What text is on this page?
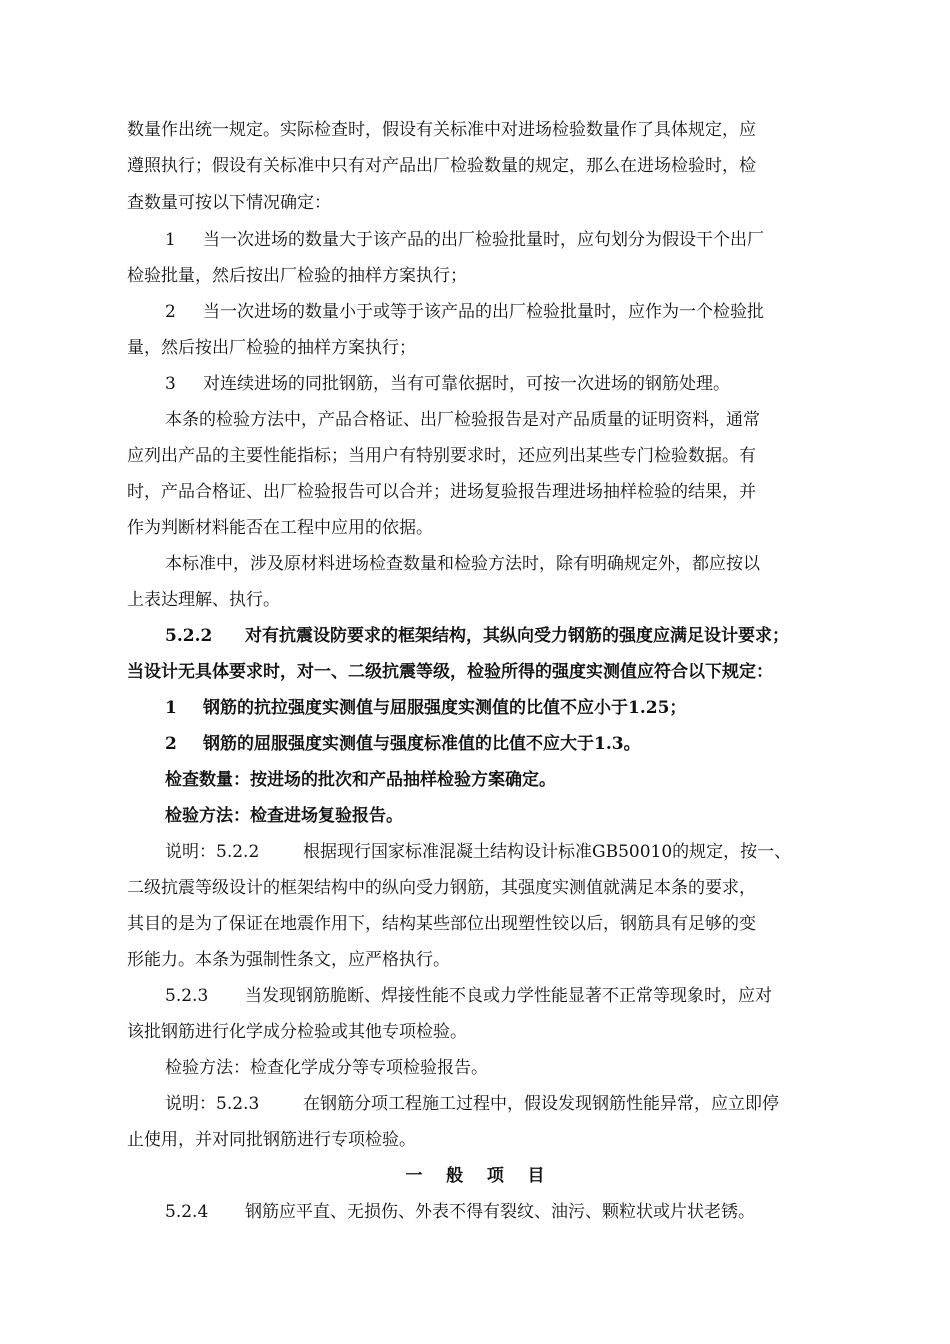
数量作出统一规定。实际检查时，假设有关标准中对进场检验数量作了具体规定，应
遵照执行；假设有关标准中只有对产品出厂检验数量的规定，那么在进场检验时，检
查数量可按以下情况确定：
1 当一次进场的数量大于该产品的出厂检验批量时，应句划分为假设干个出厂
检验批量，然后按出厂检验的抽样方案执行；
2 当一次进场的数量小于或等于该产品的出厂检验批量时，应作为一个检验批
量，然后按出厂检验的抽样方案执行；
3 对连续进场的同批钢筋，当有可靠依据时，可按一次进场的钢筋处理。
本条的检验方法中，产品合格证、出厂检验报告是对产品质量的证明资料，通常
应列出产品的主要性能指标；当用户有特别要求时，还应列出某些专门检验数据。有
时，产品合格证、出厂检验报告可以合并；进场复验报告理进场抽样检验的结果，并
作为判断材料能否在工程中应用的依据。
本标准中，涉及原材料进场检查数量和检验方法时，除有明确规定外，都应按以
上表达理解、执行。
5.2.2 对有抗震设防要求的框架结构，其纵向受力钢筋的强度应满足设计要求；
当设计无具体要求时，对一、二级抗震等级，检验所得的强度实测值应符合以下规定：
1 钢筋的抗拉强度实测值与屈服强度实测值的比值不应小于1.25；
2 钢筋的屈服强度实测值与强度标准值的比值不应大于1.3。
检查数量：按进场的批次和产品抽样检验方案确定。
检验方法：检查进场复验报告。
说明：5.2.2	根据现行国家标准混凝土结构设计标准GB50010的规定，按一、
二级抗震等级设计的框架结构中的纵向受力钢筋，其强度实测值就满足本条的要求，
其目的是为了保证在地震作用下，结构某些部位出现塑性铰以后，钢筋具有足够的变
形能力。本条为强制性条文，应严格执行。
5.2.3 当发现钢筋脆断、焊接性能不良或力学性能显著不正常等现象时，应对
该批钢筋进行化学成分检验或其他专项检验。
检验方法：检查化学成分等专项检验报告。
说明：5.2.3	在钢筋分项工程施工过程中，假设发现钢筋性能异常，应立即停
止使用，并对同批钢筋进行专项检验。
一    般    项    目
5.2.4 钢筋应平直、无损伤、外表不得有裂纹、油污、颗粒状或片状老锈。
